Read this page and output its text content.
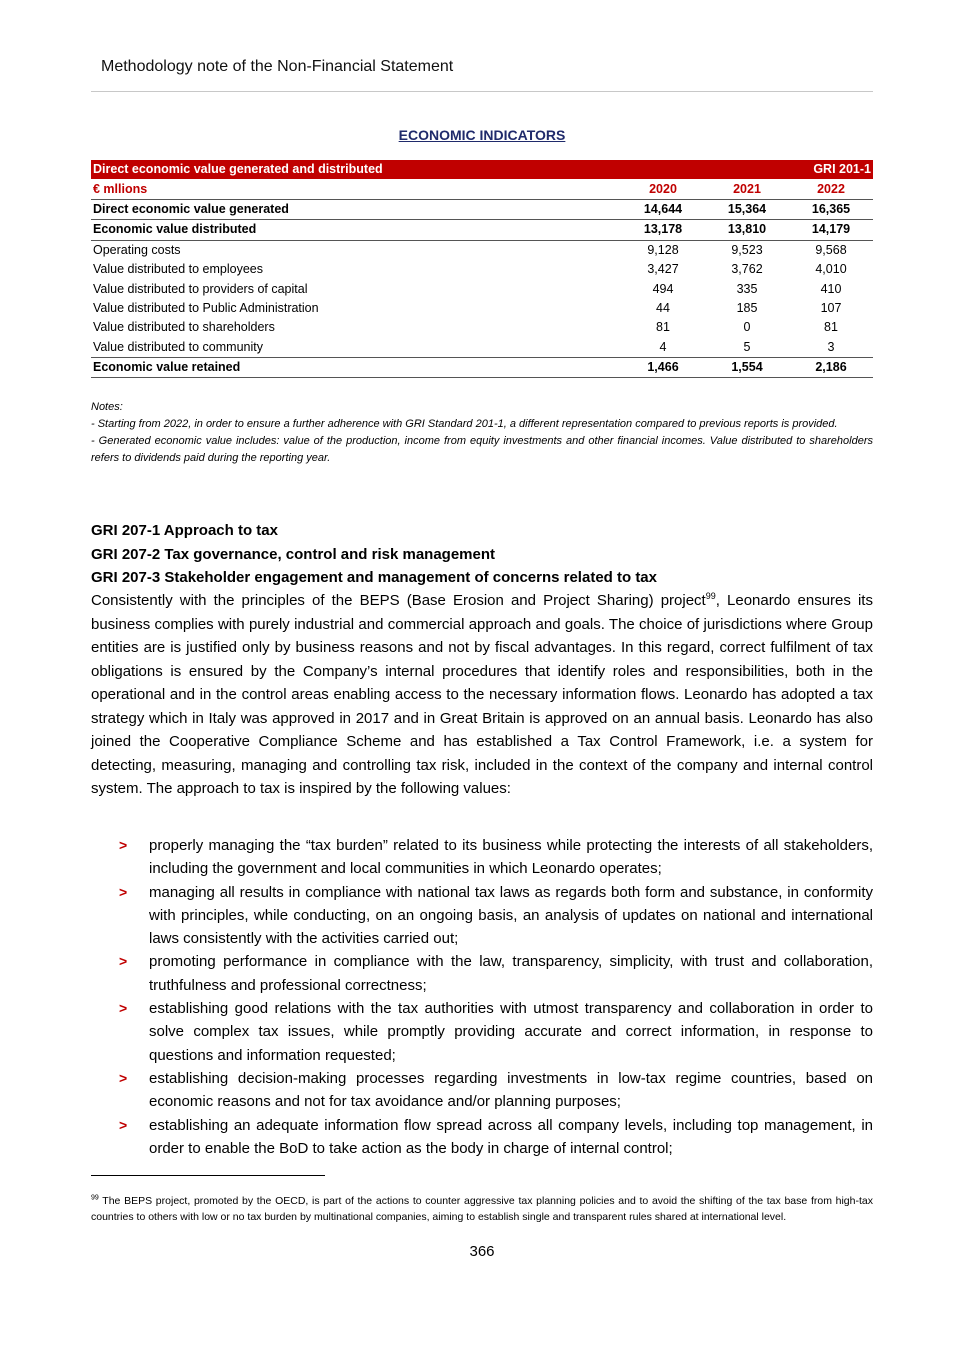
Methodology note of the Non-Financial Statement
ECONOMIC INDICATORS
Direct economic value generated and distributed			GRI 201-1
€ mllions	2020	2021	2022
Direct economic value generated	14,644	15,364	16,365
Economic value distributed	13,178	13,810	14,179
Operating costs	9,128	9,523	9,568
Value distributed to employees	3,427	3,762	4,010
Value distributed to providers of capital	494	335	410
Value distributed to Public Administration	44	185	107
Value distributed to shareholders	81	0	81
Value distributed to community	4	5	3
Economic value retained	1,466	1,554	2,186

Notes:

- Starting from 2022, in order to ensure a further adherence with GRI Standard 201-1, a different representation compared to previous reports is provided.

- Generated economic value includes: value of the production, income from equity investments and other financial incomes. Value distributed to shareholders refers to dividends paid during the reporting year.

GRI 207-1 Approach to tax
GRI 207-2 Tax governance, control and risk management
GRI 207-3 Stakeholder engagement and management of concerns related to tax

Consistently with the principles of the BEPS (Base Erosion and Project Sharing) project$^{99}$, Leonardo ensures its business complies with purely industrial and commercial approach and goals. The choice of jurisdictions where Group entities are is justified only by business reasons and not by fiscal advantages. In this regard, correct fulfilment of tax obligations is ensured by the Company’s internal procedures that identify roles and responsibilities, both in the operational and in the control areas enabling access to the necessary information flows. Leonardo has adopted a tax strategy which in Italy was approved in 2017 and in Great Britain is approved on an annual basis. Leonardo has also joined the Cooperative Compliance Scheme and has established a Tax Control Framework, i.e. a system for detecting, measuring, managing and controlling tax risk, included in the context of the company and internal control system. The approach to tax is inspired by the following values:

> properly managing the “tax burden” related to its business while protecting the interests of all stakeholders, including the government and local communities in which Leonardo operates;
> managing all results in compliance with national tax laws as regards both form and substance, in conformity with principles, while conducting, on an ongoing basis, an analysis of updates on national and international laws consistently with the activities carried out;
> promoting performance in compliance with the law, transparency, simplicity, with trust and collaboration, truthfulness and professional correctness;
> establishing good relations with the tax authorities with utmost transparency and collaboration in order to solve complex tax issues, while promptly providing accurate and correct information, in response to questions and information requested;
> establishing decision-making processes regarding investments in low-tax regime countries, based on economic reasons and not for tax avoidance and/or planning purposes;
> establishing an adequate information flow spread across all company levels, including top management, in order to enable the BoD to take action as the body in charge of internal control;
$^{99}$ The BEPS project, promoted by the OECD, is part of the actions to counter aggressive tax planning policies and to avoid the shifting of the tax base from high-tax countries to others with low or no tax burden by multinational companies, aiming to establish single and transparent rules shared at international level.
366
